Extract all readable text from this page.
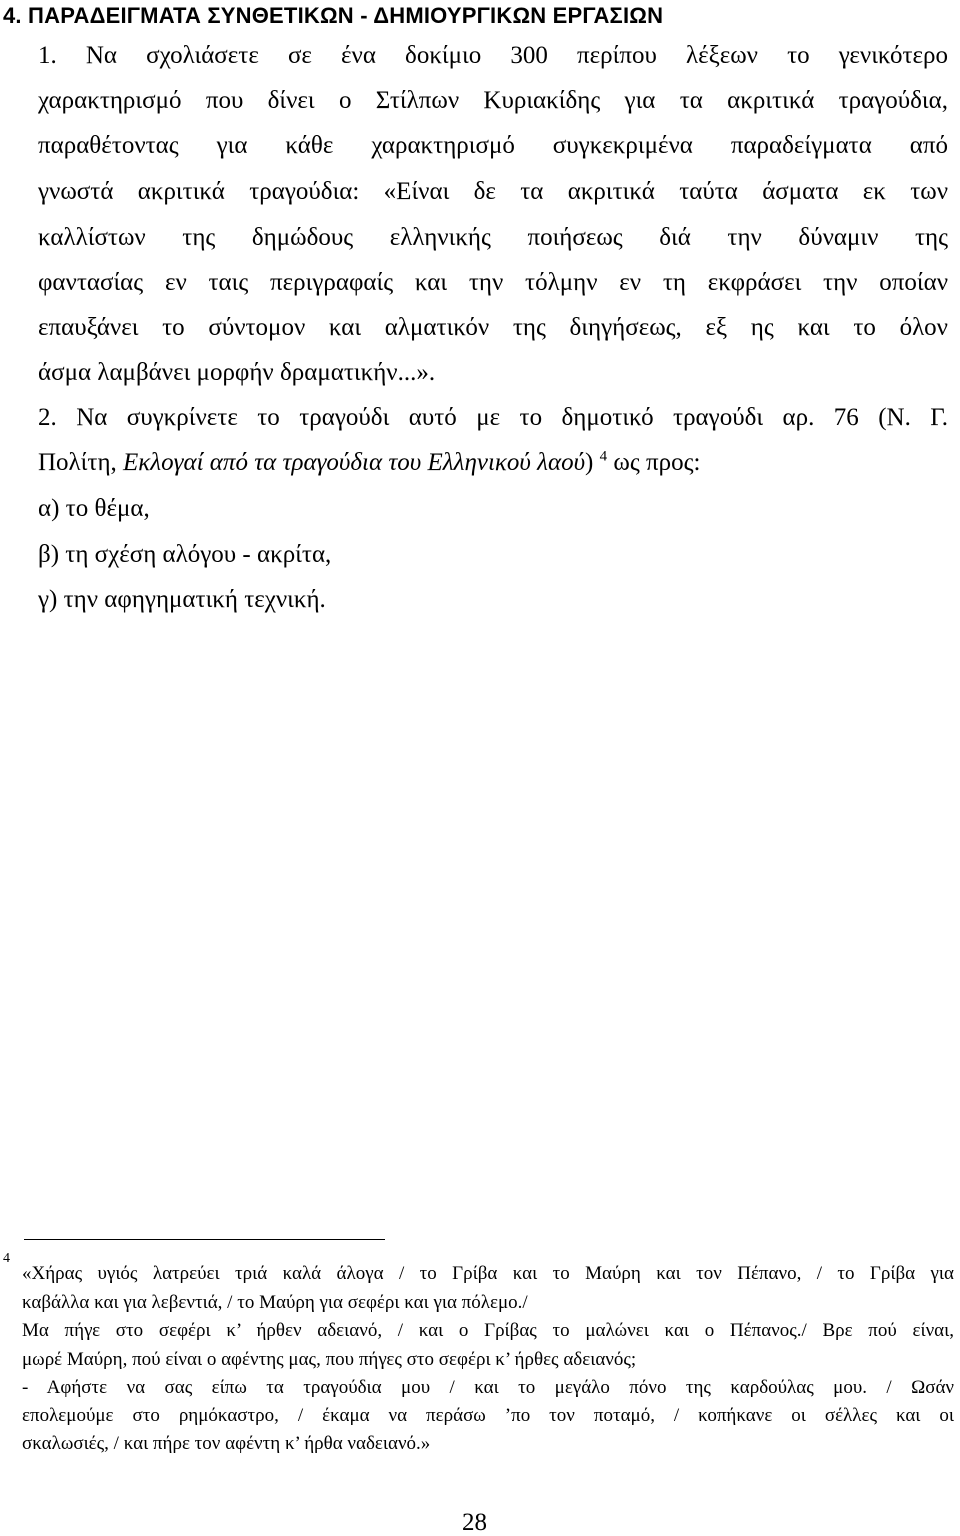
4. ΠΑΡΑΔΕΙΓΜΑΤΑ ΣΥΝΘΕΤΙΚΩΝ - ΔΗΜΙΟΥΡΓΙΚΩΝ ΕΡΓΑΣΙΩΝ
1. Να σχολιάσετε σε ένα δοκίμιο 300 περίπου λέξεων το γενικότερο
χαρακτηρισμό που δίνει ο Στίλπων Κυριακίδης για τα ακριτικά τραγούδια,
παραθέτοντας για κάθε χαρακτηρισμό συγκεκριμένα παραδείγματα από
γνωστά ακριτικά τραγούδια: «Είναι δε τα ακριτικά ταύτα άσματα εκ των
καλλίστων της δημώδους ελληνικής ποιήσεως διά την δύναμιν της
φαντασίας εν ταις περιγραφαίς και την τόλμην εν τη εκφράσει την οποίαν
επαυξάνει το σύντομον και αλματικόν της διηγήσεως, εξ ης και το όλον
άσμα λαμβάνει μορφήν δραματικήν...».
2. Να συγκρίνετε το τραγούδι αυτό με το δημοτικό τραγούδι αρ. 76 (Ν. Γ.
Πολίτη, Εκλογαί από τα τραγούδια του Ελληνικού λαού) $^4$ ως προς:
α) το θέμα,
β) τη σχέση αλόγου - ακρίτα,
γ) την αφηγηματική τεχνική.
4
«Χήρας υγιός λατρεύει τριά καλά άλογα / το Γρίβα και το Μαύρη και τον Πέπανο, / το Γρίβα για
καβάλλα και για λεβεντιά, / το Μαύρη για σεφέρι και για πόλεμο./
Μα πήγε στο σεφέρι κ’ ήρθεν αδειανό, / και ο Γρίβας το μαλώνει και ο Πέπανος./ Βρε πού είναι,
μωρέ Μαύρη, πού είναι ο αφέντης μας, που πήγες στο σεφέρι κ’ ήρθες αδειανός;
- Αφήστε να σας είπω τα τραγούδια μου / και το μεγάλο πόνο της καρδούλας μου. / Ωσάν
επολεμούμε στο ρημόκαστρο, / έκαμα να περάσω ’πο τον ποταμό, / κοπήκανε οι σέλλες και οι
σκαλωσιές, / και πήρε τον αφέντη κ’ ήρθα ναδειανό.»
28
